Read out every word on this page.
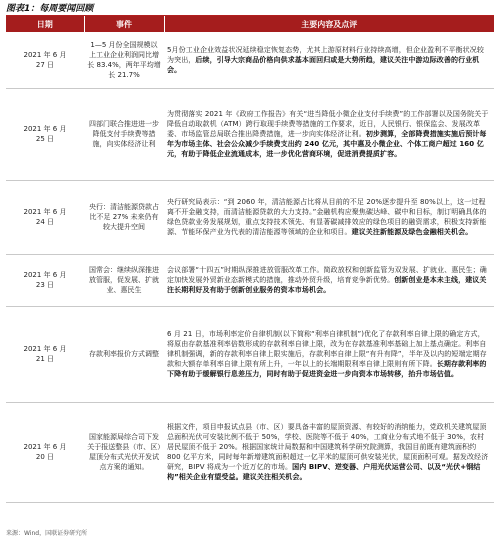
图表1：每周要闻回顾
日期	事件	主要内容及点评

2021 年 6 月
27 日	1—5 月份全国规模以上工业企业利润同比增长 83.4%，两年平均增长 21.7%	5月份工业企业效益状况延续稳定恢复态势，尤其上游原材料行业持续高增，但企业盈利不平衡状况较为突出，后续，引导大宗商品价格向供求基本面回归或是大势所趋，建议关注中游边际改善的行业机会。

2021 年 6 月
25 日	四部门联合推进进一步降低支付手续费等措施，向实体经济让利	为贯彻落实 2021 年《政府工作报告》有关“进当降低小微企业支付手续费”的工作部署以及国务院关于降低自动取款机（ATM）跨行取现手续费等措施的工作要求，近日，人民银行、银保监会、发展改革委、市场监管总局联合推出降费措施，进一步向实体经济让利。初步测算，全部降费措施实施后预计每年为市场主体、社会公众减少手续费支出约 240 亿元，其中惠及小微企业、个体工商户超过 160 亿元，有助于降低企业流通成本，进一步优化营商环境，促进消费提质扩容。

2021 年 6 月
24 日	央行：清洁能源贷款占比不足 27% 未来仍有较大提升空间	央行研究局表示：“到 2060 年，清洁能源占比将从目前的不足 20%逐步提升至 80%以上，这一过程离不开金融支持，而清洁能源贷款的大力支持。”金融机构应聚焦碳达峰、碳中和目标，制订明确具体的绿色贷款业务发展规划，重点支持技术领先、有显著碳减排效应的绿色项目的融资需求，积极支持新能源、节能环保产业为代表的清洁能源等领域的企业和项目。建议关注新能源及绿色金融相关机会。

2021 年 6 月
23 日	国常会：继续纵深推进放管服，促发展、扩就业、惠民生	会议部署“十四五”时期纵深推进放管服改革工作。简政放权和创新监管为双发展、扩就业、惠民生；确定加快发展外贸新业态新模式的措施，推动外贸升级，培育竞争新优势。创新创业是本未主线，建议关注长期利好及有助于创新创业服务的资本市场机会。

2021 年 6 月
21 日	存款利率报价方式调整	6 月 21 日，市场利率定价自律机制(以下简称“利率自律机制”)优化了存款利率自律上限的确定方式，将原由存款基准利率倍数形成的存款利率自律上限，改为在存款基准利率基础上加上基点确定。利率自律机制强调，新的存款利率自律上限实施后，存款利率自律上限“有升有降”，半年及以内的短端定期存款和大额存单利率自律上限有所上升，一年以上的长端期限利率自律上限则有所下降。长期存款利率的下降有助于缓解银行息差压力，同时有助于促进资金进一步向资本市场转移，抬升市场估值。

2021 年 6 月
20 日	国家能源局综合司下发关于报送整县（市、区）屋顶分布式光伏开发试点方案的通知。	根据文件，项目申报试点县（市、区）要具备丰富的屋顶资源、有较好的消纳能力，党政机关建筑屋顶总面积光伏可安装比例不低于 50%，学校、医院等不低于 40%，工商业分布式地不低于 30%，农村居民屋顶不低于 20%。根据国家统计局数据和中国建筑科学研究院测算，我国目前既有建筑面积约 800 亿平方米，同时每年新增建筑面积超过一亿平米的屋顶可供安装光伏，屋顶面积可观。据发改经济研究，BIPV 将成为一个近万亿的市场。国内 BIPV、逆变器、户用光伏运营公司、以及“光伏+钢结构”相关企业有望受益。建议关注相关机会。
来源：Wind，国联证券研究所
